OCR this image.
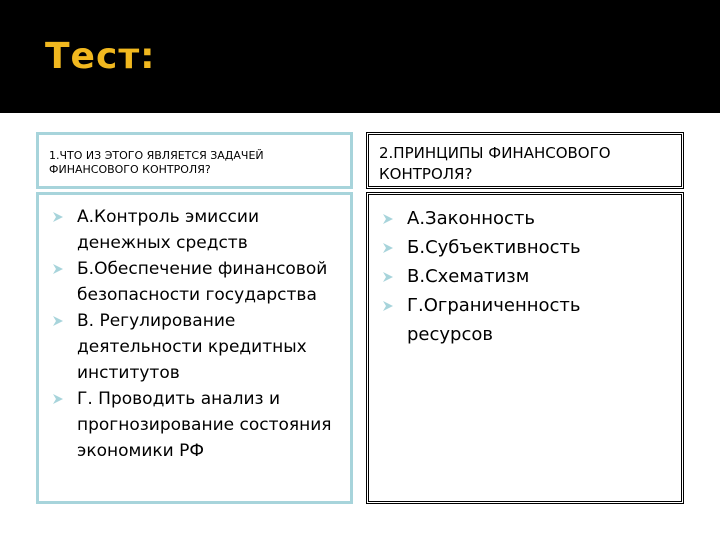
Тест:
1.ЧТО ИЗ ЭТОГО ЯВЛЯЕТСЯ ЗАДАЧЕЙ ФИНАНСОВОГО КОНТРОЛЯ?
А.Контроль эмиссии денежных средств
Б.Обеспечение финансовой безопасности государства
В. Регулирование деятельности кредитных институтов
Г. Проводить анализ и прогнозирование состояния экономики РФ
2.ПРИНЦИПЫ ФИНАНСОВОГО КОНТРОЛЯ?
А.Законность
Б.Субъективность
В.Схематизм
Г.Ограниченность ресурсов
